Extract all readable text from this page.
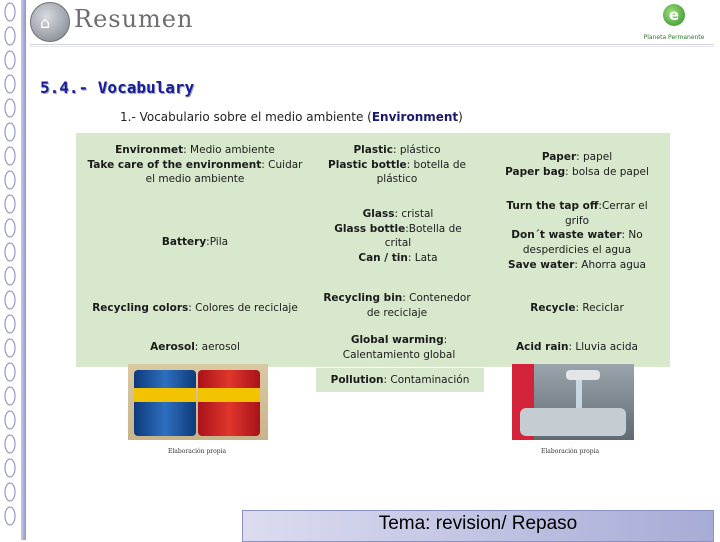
⌂ Resumen	e
Planeta Permanente
5.4.- Vocabulary
1.- Vocabulario sobre el medio ambiente (Environment)
Environmet: Medio ambiente
Take care of the environment: Cuidar el medio ambiente
Battery:Pila
Recycling colors: Colores de reciclaje
Aerosol: aerosol
Plastic: plástico
Plastic bottle: botella de plástico
Glass: cristal
Glass bottle:Botella de crital
Can / tin: Lata
Recycling bin: Contenedor de reciclaje
Global warming: Calentamiento global
Paper: papel
Paper bag: bolsa de papel
Turn the tap off:Cerrar el grifo
Don´t waste water: No desperdicies el agua
Save water: Ahorra agua
Recycle: Reciclar
Acid rain: Lluvia acida
Pollution: Contaminación
Elaboración propia	Elaboración propia
Tema: revision/ Repaso
